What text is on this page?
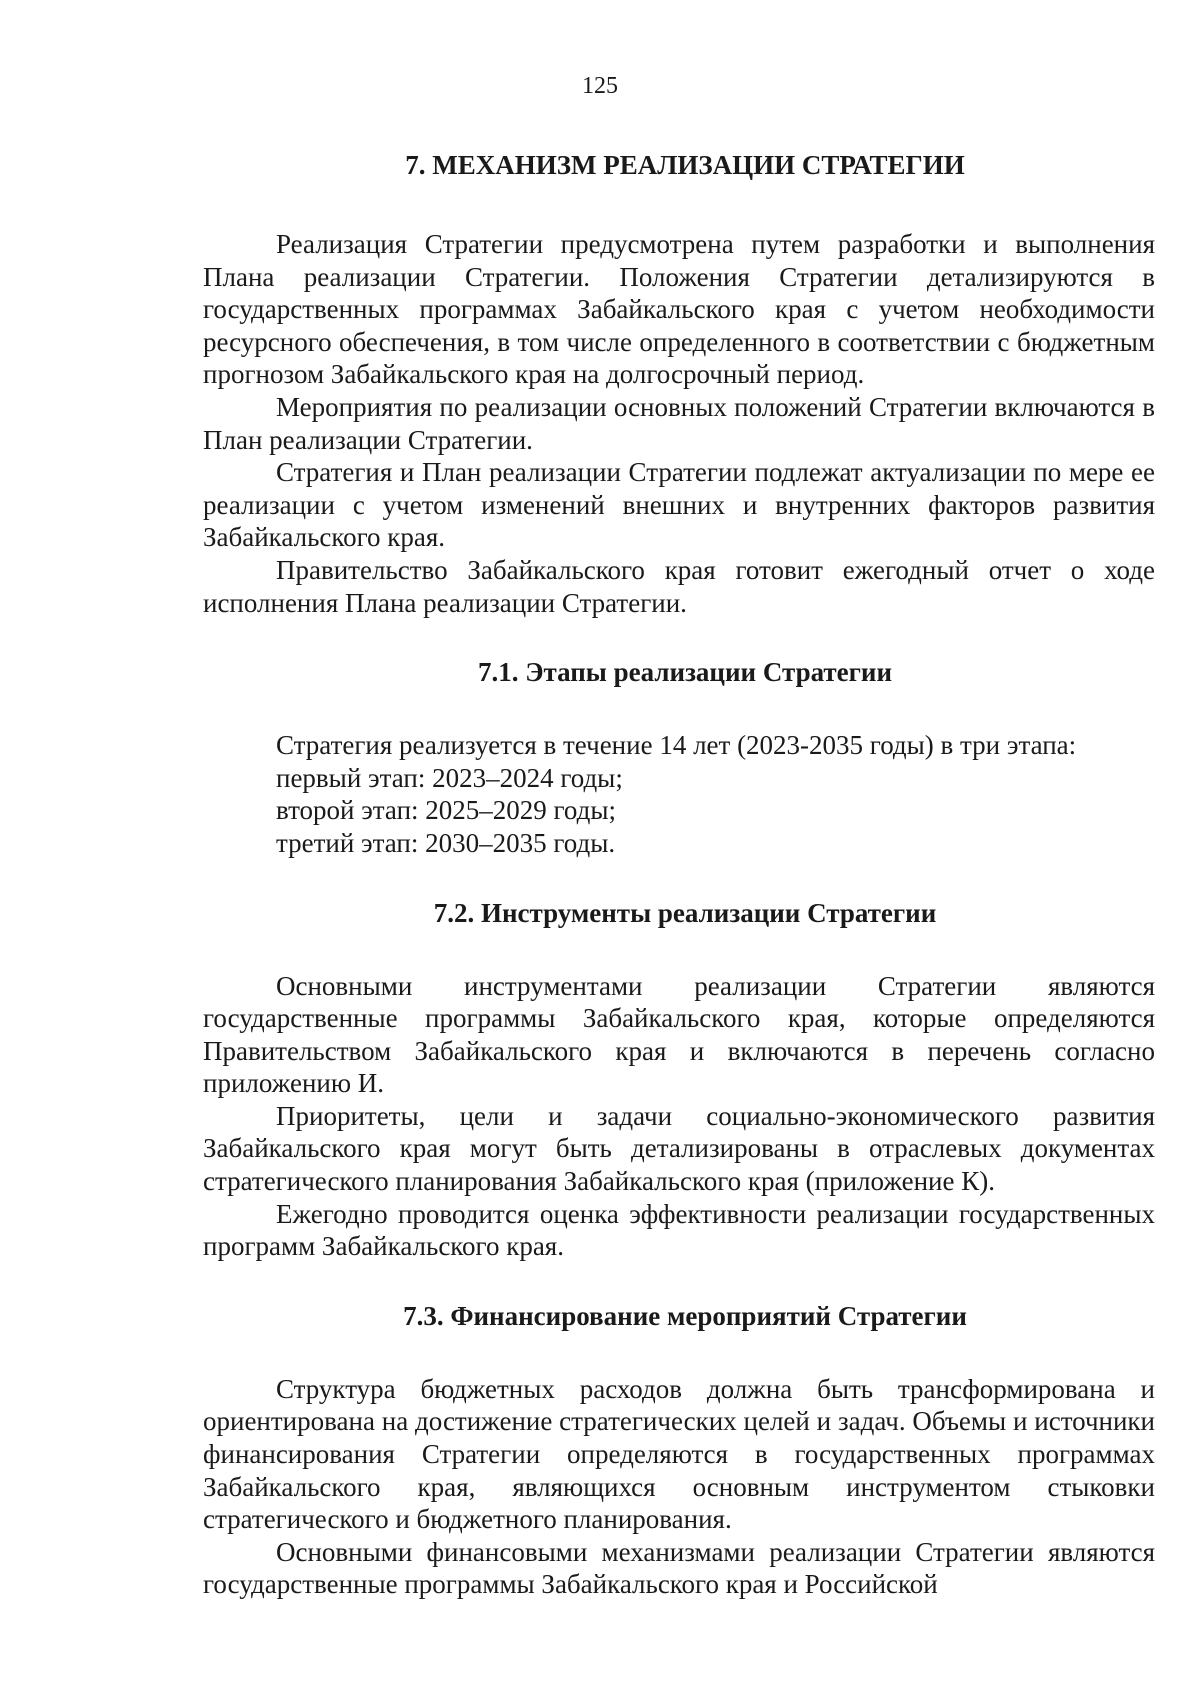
125
7. МЕХАНИЗМ РЕАЛИЗАЦИИ СТРАТЕГИИ

Реализация Стратегии предусмотрена путем разработки и выполнения Плана реализации Стратегии. Положения Стратегии детализируются в государственных программах Забайкальского края с учетом необходимости ресурсного обеспечения, в том числе определенного в соответствии с бюджетным прогнозом Забайкальского края на долгосрочный период.

Мероприятия по реализации основных положений Стратегии включаются в План реализации Стратегии.

Стратегия и План реализации Стратегии подлежат актуализации по мере ее реализации с учетом изменений внешних и внутренних факторов развития Забайкальского края.

Правительство Забайкальского края готовит ежегодный отчет о ходе исполнения Плана реализации Стратегии.

7.1. Этапы реализации Стратегии

Стратегия реализуется в течение 14 лет (2023-2035 годы) в три этапа:

первый этап: 2023–2024 годы;

второй этап: 2025–2029 годы;

третий этап: 2030–2035 годы.

7.2. Инструменты реализации Стратегии

Основными инструментами реализации Стратегии являются государственные программы Забайкальского края, которые определяются Правительством Забайкальского края и включаются в перечень согласно приложению И.

Приоритеты, цели и задачи социально-экономического развития Забайкальского края могут быть детализированы в отраслевых документах стратегического планирования Забайкальского края (приложение К).

Ежегодно проводится оценка эффективности реализации государственных программ Забайкальского края.

7.3. Финансирование мероприятий Стратегии

Структура бюджетных расходов должна быть трансформирована и ориентирована на достижение стратегических целей и задач. Объемы и источники финансирования Стратегии определяются в государственных программах Забайкальского края, являющихся основным инструментом стыковки стратегического и бюджетного планирования.

Основными финансовыми механизмами реализации Стратегии являются государственные программы Забайкальского края и Российской
